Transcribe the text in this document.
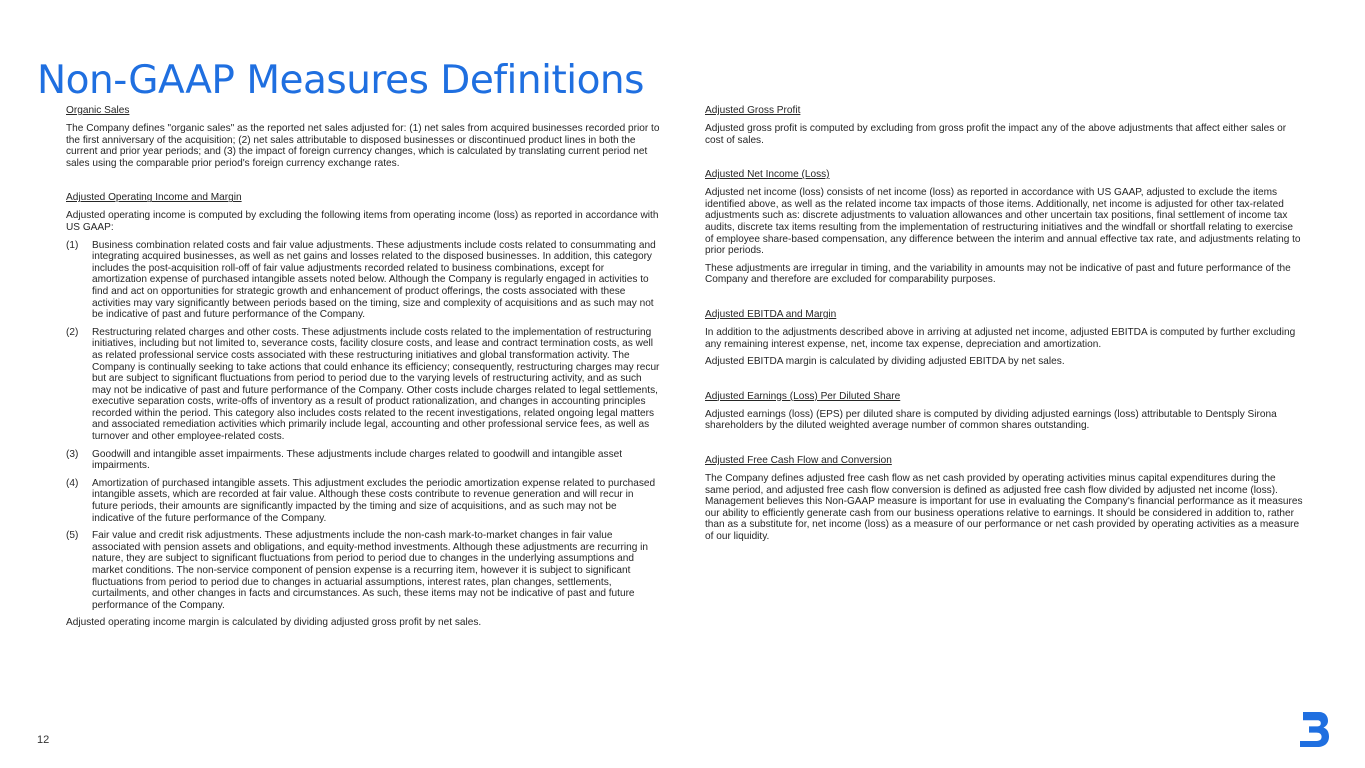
Non-GAAP Measures Definitions
Organic Sales

The Company defines "organic sales" as the reported net sales adjusted for: (1) net sales from acquired businesses recorded prior to the first anniversary of the acquisition; (2) net sales attributable to disposed businesses or discontinued product lines in both the current and prior year periods; and (3) the impact of foreign currency changes, which is calculated by translating current period net sales using the comparable prior period's foreign currency exchange rates.

Adjusted Operating Income and Margin

Adjusted operating income is computed by excluding the following items from operating income (loss) as reported in accordance with US GAAP:

(1)	Business combination related costs and fair value adjustments. These adjustments include costs related to consummating and integrating acquired businesses, as well as net gains and losses related to the disposed businesses. In addition, this category includes the post-acquisition roll-off of fair value adjustments recorded related to business combinations, except for amortization expense of purchased intangible assets noted below. Although the Company is regularly engaged in activities to find and act on opportunities for strategic growth and enhancement of product offerings, the costs associated with these activities may vary significantly between periods based on the timing, size and complexity of acquisitions and as such may not be indicative of past and future performance of the Company.
(2)	Restructuring related charges and other costs. These adjustments include costs related to the implementation of restructuring initiatives, including but not limited to, severance costs, facility closure costs, and lease and contract termination costs, as well as related professional service costs associated with these restructuring initiatives and global transformation activity. The Company is continually seeking to take actions that could enhance its efficiency; consequently, restructuring charges may recur but are subject to significant fluctuations from period to period due to the varying levels of restructuring activity, and as such may not be indicative of past and future performance of the Company. Other costs include charges related to legal settlements, executive separation costs, write-offs of inventory as a result of product rationalization, and changes in accounting principles recorded within the period. This category also includes costs related to the recent investigations, related ongoing legal matters and associated remediation activities which primarily include legal, accounting and other professional service fees, as well as turnover and other employee-related costs.
(3)	Goodwill and intangible asset impairments. These adjustments include charges related to goodwill and intangible asset impairments.
(4)	Amortization of purchased intangible assets. This adjustment excludes the periodic amortization expense related to purchased intangible assets, which are recorded at fair value. Although these costs contribute to revenue generation and will recur in future periods, their amounts are significantly impacted by the timing and size of acquisitions, and as such may not be indicative of the future performance of the Company.
(5)	Fair value and credit risk adjustments. These adjustments include the non-cash mark-to-market changes in fair value associated with pension assets and obligations, and equity-method investments. Although these adjustments are recurring in nature, they are subject to significant fluctuations from period to period due to changes in the underlying assumptions and market conditions. The non-service component of pension expense is a recurring item, however it is subject to significant fluctuations from period to period due to changes in actuarial assumptions, interest rates, plan changes, settlements, curtailments, and other changes in facts and circumstances. As such, these items may not be indicative of past and future performance of the Company.

Adjusted operating income margin is calculated by dividing adjusted gross profit by net sales.

Adjusted Gross Profit

Adjusted gross profit is computed by excluding from gross profit the impact any of the above adjustments that affect either sales or cost of sales.

Adjusted Net Income (Loss)

Adjusted net income (loss) consists of net income (loss) as reported in accordance with US GAAP, adjusted to exclude the items identified above, as well as the related income tax impacts of those items. Additionally, net income is adjusted for other tax-related adjustments such as: discrete adjustments to valuation allowances and other uncertain tax positions, final settlement of income tax audits, discrete tax items resulting from the implementation of restructuring initiatives and the windfall or shortfall relating to exercise of employee share-based compensation, any difference between the interim and annual effective tax rate, and adjustments relating to prior periods.

These adjustments are irregular in timing, and the variability in amounts may not be indicative of past and future performance of the Company and therefore are excluded for comparability purposes.

Adjusted EBITDA and Margin

In addition to the adjustments described above in arriving at adjusted net income, adjusted EBITDA is computed by further excluding any remaining interest expense, net, income tax expense, depreciation and amortization.

Adjusted EBITDA margin is calculated by dividing adjusted EBITDA by net sales.

Adjusted Earnings (Loss) Per Diluted Share

Adjusted earnings (loss) (EPS) per diluted share is computed by dividing adjusted earnings (loss) attributable to Dentsply Sirona shareholders by the diluted weighted average number of common shares outstanding.

Adjusted Free Cash Flow and Conversion

The Company defines adjusted free cash flow as net cash provided by operating activities minus capital expenditures during the same period, and adjusted free cash flow conversion is defined as adjusted free cash flow divided by adjusted net income (loss). Management believes this Non-GAAP measure is important for use in evaluating the Company's financial performance as it measures our ability to efficiently generate cash from our business operations relative to earnings. It should be considered in addition to, rather than as a substitute for, net income (loss) as a measure of our performance or net cash provided by operating activities as a measure of our liquidity.

12
